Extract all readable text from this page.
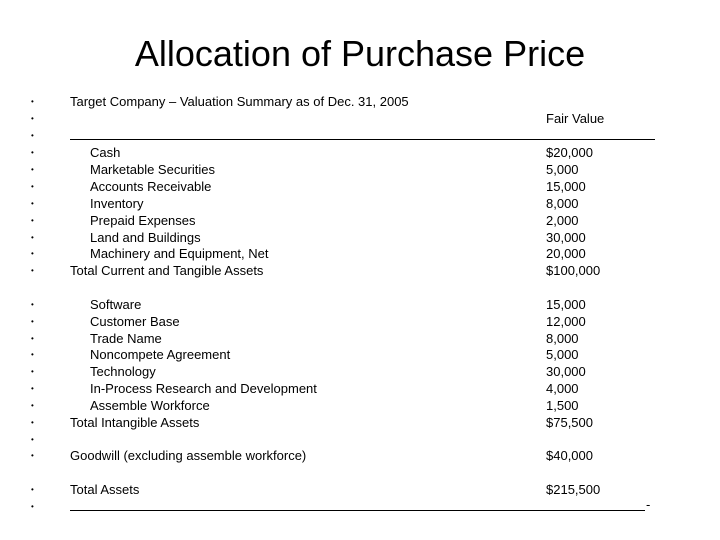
Allocation of Purchase Price
•	Target Company – Valuation Summary as of Dec. 31, 2005
•	Fair Value
•
•	Cash	$20,000
•	Marketable Securities	5,000
•	Accounts Receivable	15,000
•	Inventory	8,000
•	Prepaid Expenses	2,000
•	Land and Buildings	30,000
•	Machinery and Equipment, Net	20,000
•	Total Current and Tangible Assets	$100,000
•	Software	15,000
•	Customer Base	12,000
•	Trade Name	8,000
•	Noncompete Agreement	5,000
•	Technology	30,000
•	In-Process Research and Development	4,000
•	Assemble Workforce	1,500
•	Total Intangible Assets	$75,500
•
•	Goodwill (excluding assemble workforce)	$40,000
•	Total Assets	$215,500
•	-
